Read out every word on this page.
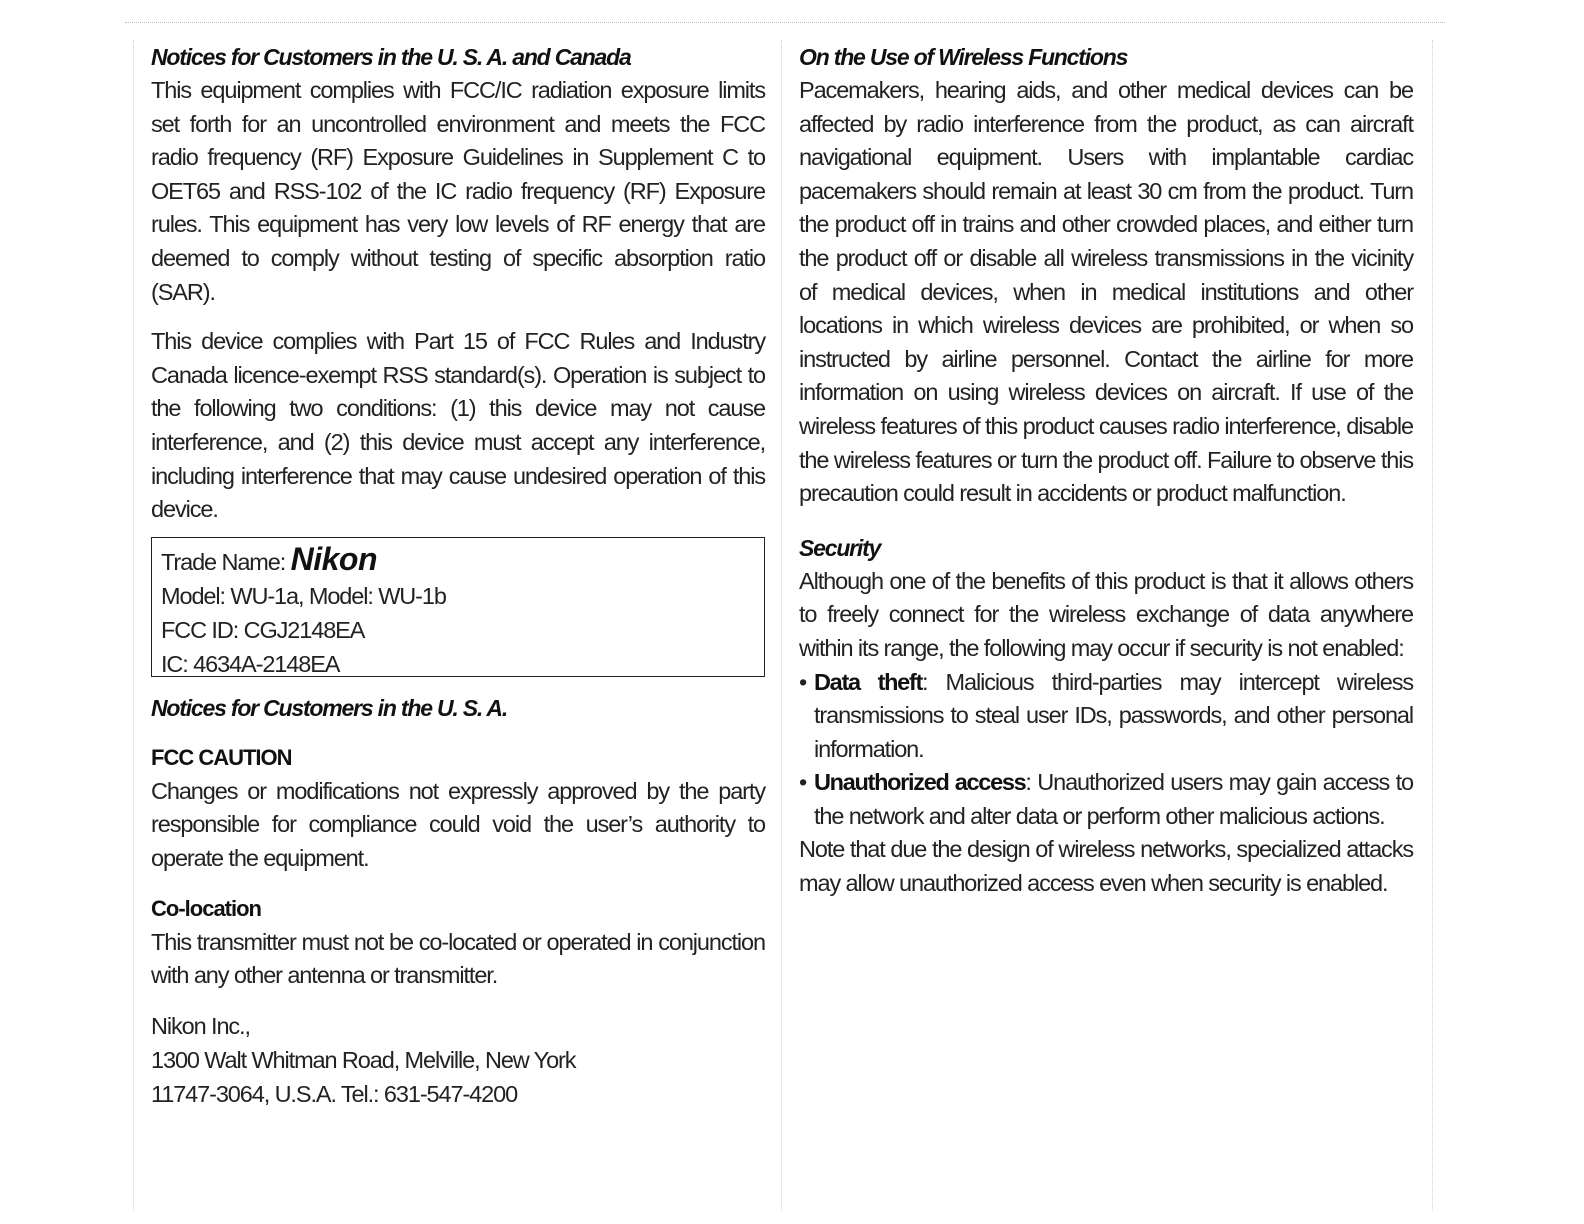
Notices for Customers in the U. S. A. and Canada

This equipment complies with FCC/IC radiation exposure limits set forth for an uncontrolled environment and meets the FCC radio frequency (RF) Exposure Guidelines in Supplement C to OET65 and RSS-102 of the IC radio frequency (RF) Exposure rules. This equipment has very low levels of RF energy that are deemed to comply without testing of specific absorption ratio (SAR).

This device complies with Part 15 of FCC Rules and Industry Canada licence-exempt RSS standard(s). Operation is subject to the following two conditions: (1) this device may not cause interference, and (2) this device must accept any interference, including interference that may cause undesired operation of this device.

Trade Name: Nikon
Model: WU-1a, Model: WU-1b
FCC ID: CGJ2148EA
IC: 4634A-2148EA
Notices for Customers in the U. S. A.
FCC CAUTION

Changes or modifications not expressly approved by the party responsible for compliance could void the user’s authority to operate the equipment.

Co-location

This transmitter must not be co-located or operated in conjunction with any other antenna or transmitter.

Nikon Inc.,

1300 Walt Whitman Road, Melville, New York

11747-3064, U.S.A. Tel.: 631-547-4200

On the Use of Wireless Functions

Pacemakers, hearing aids, and other medical devices can be affected by radio interference from the product, as can aircraft navigational equipment. Users with implantable cardiac pacemakers should remain at least 30 cm from the product. Turn the product off in trains and other crowded places, and either turn the product off or disable all wireless transmissions in the vicinity of medical devices, when in medical institutions and other locations in which wireless devices are prohibited, or when so instructed by airline personnel. Contact the airline for more information on using wireless devices on aircraft. If use of the wireless features of this product causes radio interference, disable the wireless features or turn the product off. Failure to observe this precaution could result in accidents or product malfunction.

Security

Although one of the benefits of this product is that it allows others to freely connect for the wireless exchange of data anywhere within its range, the following may occur if security is not enabled:

• Data theft: Malicious third-parties may intercept wireless transmissions to steal user IDs, passwords, and other personal information.
• Unauthorized access: Unauthorized users may gain access to the network and alter data or perform other malicious actions.

Note that due the design of wireless networks, specialized attacks may allow unauthorized access even when security is enabled.
